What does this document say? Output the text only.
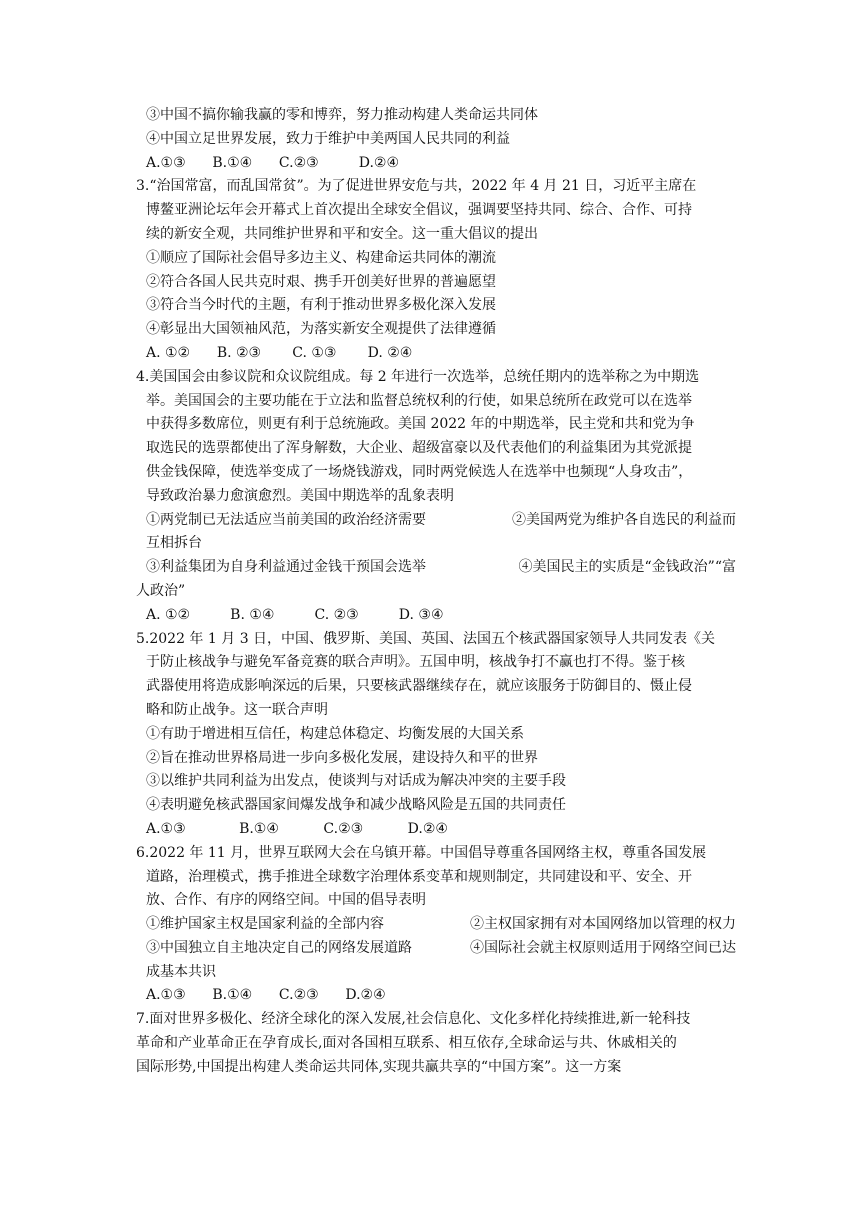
③中国不搞你输我赢的零和博弈，努力推动构建人类命运共同体
④中国立足世界发展，致力于维护中美两国人民共同的利益
A.①③      B.①④      C.②③         D.②④
3.“治国常富，而乱国常贫”。为了促进世界安危与共，2022 年 4 月 21 日，习近平主席在
博鳌亚洲论坛年会开幕式上首次提出全球安全倡议，强调要坚持共同、综合、合作、可持
续的新安全观，共同维护世界和平和安全。这一重大倡议的提出
①顺应了国际社会倡导多边主义、构建命运共同体的潮流
②符合各国人民共克时艰、携手开创美好世界的普遍愿望
③符合当今时代的主题，有利于推动世界多极化深入发展
④彰显出大国领袖风范，为落实新安全观提供了法律遵循
A. ①②      B. ②③       C. ①③       D. ②④
4.美国国会由参议院和众议院组成。每 2 年进行一次选举，总统任期内的选举称之为中期选
举。美国国会的主要功能在于立法和监督总统权利的行使，如果总统所在政党可以在选举
中获得多数席位，则更有利于总统施政。美国 2022 年的中期选举，民主党和共和党为争
取选民的选票都使出了浑身解数，大企业、超级富豪以及代表他们的利益集团为其党派提
供金钱保障，使选举变成了一场烧钱游戏，同时两党候选人在选举中也频现“人身攻击”，
导致政治暴力愈演愈烈。美国中期选举的乱象表明
①两党制已无法适应当前美国的政治经济需要	②美国两党为维护各自选民的利益而
互相拆台
③利益集团为自身利益通过金钱干预国会选举	④美国民主的实质是“金钱政治”“富
人政治”
A. ①②         B. ①④         C. ②③         D. ③④
5.2022 年 1 月 3 日，中国、俄罗斯、美国、英国、法国五个核武器国家领导人共同发表《关
于防止核战争与避免军备竞赛的联合声明》。五国申明，核战争打不赢也打不得。鉴于核
武器使用将造成影响深远的后果，只要核武器继续存在，就应该服务于防御目的、慑止侵
略和防止战争。这一联合声明
①有助于增进相互信任，构建总体稳定、均衡发展的大国关系
②旨在推动世界格局进一步向多极化发展，建设持久和平的世界
③以维护共同利益为出发点，使谈判与对话成为解决冲突的主要手段
④表明避免核武器国家间爆发战争和减少战略风险是五国的共同责任
A.①③            B.①④          C.②③          D.②④
6.2022 年 11 月，世界互联网大会在乌镇开幕。中国倡导尊重各国网络主权，尊重各国发展
道路，治理模式，携手推进全球数字治理体系变革和规则制定，共同建设和平、安全、开
放、合作、有序的网络空间。中国的倡导表明
①维护国家主权是国家利益的全部内容	②主权国家拥有对本国网络加以管理的权力
③中国独立自主地决定自己的网络发展道路	④国际社会就主权原则适用于网络空间已达
成基本共识
A.①③      B.①④      C.②③      D.②④
7.面对世界多极化、经济全球化的深入发展,社会信息化、文化多样化持续推进,新一轮科技
革命和产业革命正在孕育成长,面对各国相互联系、相互依存,全球命运与共、休戚相关的
国际形势,中国提出构建人类命运共同体,实现共赢共享的“中国方案”。这一方案
